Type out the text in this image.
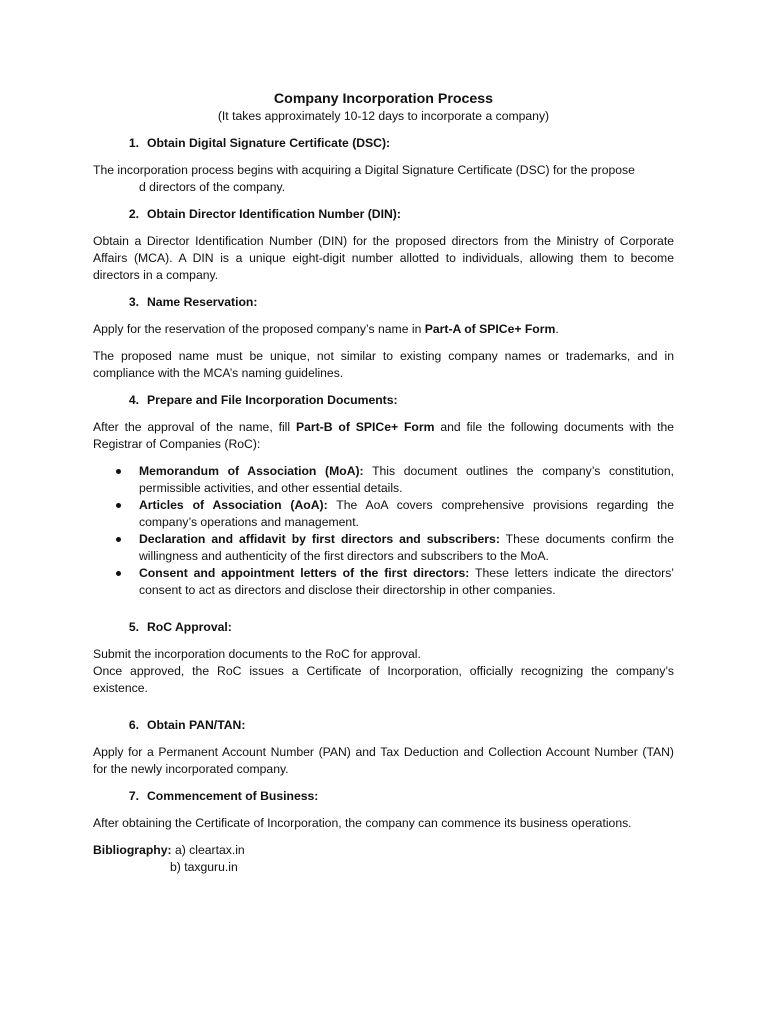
Company Incorporation Process
(It takes approximately 10-12 days to incorporate a company)
1. Obtain Digital Signature Certificate (DSC):

The incorporation process begins with acquiring a Digital Signature Certificate (DSC) for the propose
d directors of the company.

2. Obtain Director Identification Number (DIN):

Obtain a Director Identification Number (DIN) for the proposed directors from the Ministry of Corporate Affairs (MCA). A DIN is a unique eight-digit number allotted to individuals, allowing them to become directors in a company.

3. Name Reservation:

Apply for the reservation of the proposed company’s name in Part-A of SPICe+ Form.

The proposed name must be unique, not similar to existing company names or trademarks, and in compliance with the MCA’s naming guidelines.

4. Prepare and File Incorporation Documents:

After the approval of the name, fill Part-B of SPICe+ Form and file the following documents with the Registrar of Companies (RoC):

Memorandum of Association (MoA): This document outlines the company’s constitution, permissible activities, and other essential details.
Articles of Association (AoA): The AoA covers comprehensive provisions regarding the company’s operations and management.
Declaration and affidavit by first directors and subscribers: These documents confirm the willingness and authenticity of the first directors and subscribers to the MoA.
Consent and appointment letters of the first directors: These letters indicate the directors’ consent to act as directors and disclose their directorship in other companies.
5. RoC Approval:

Submit the incorporation documents to the RoC for approval.

Once approved, the RoC issues a Certificate of Incorporation, officially recognizing the company’s existence.

6. Obtain PAN/TAN:

Apply for a Permanent Account Number (PAN) and Tax Deduction and Collection Account Number (TAN) for the newly incorporated company.

7. Commencement of Business:

After obtaining the Certificate of Incorporation, the company can commence its business operations.

Bibliography:
a) cleartax.in
b) taxguru.in
